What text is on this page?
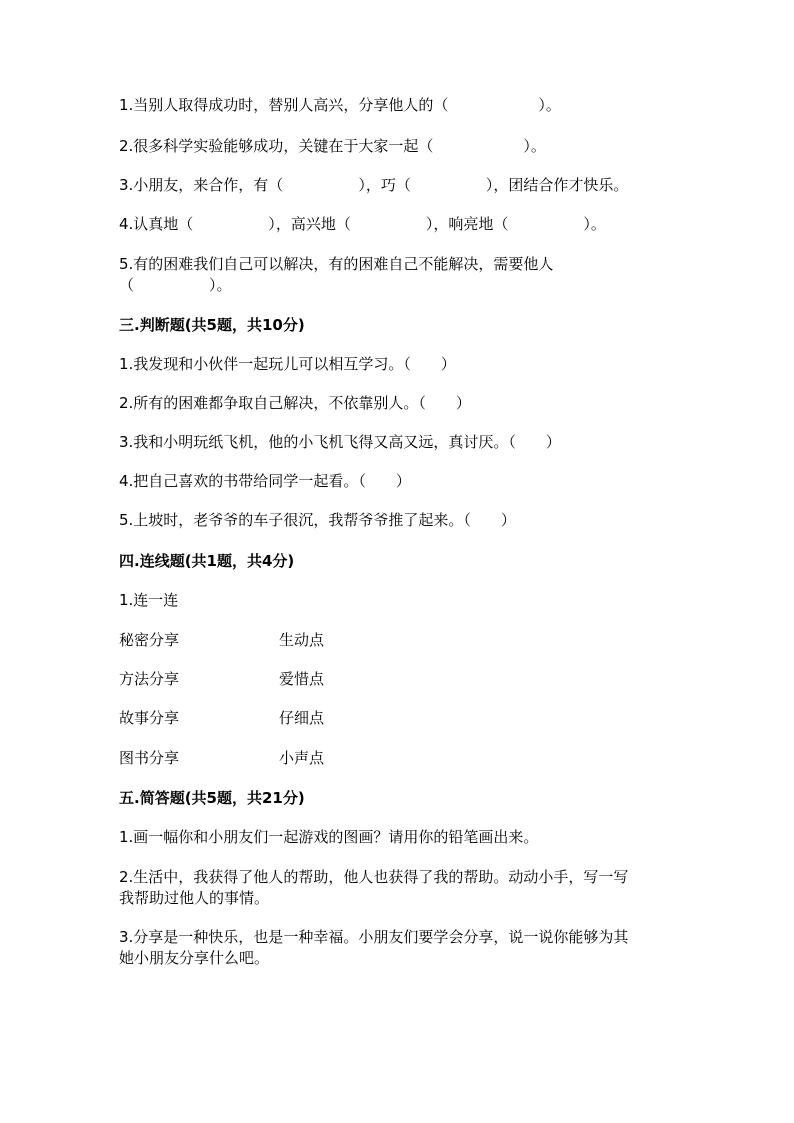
1.当别人取得成功时，替别人高兴，分享他人的（　　　　　　）。
2.很多科学实验能够成功，关键在于大家一起（　　　　　　）。
3.小朋友，来合作，有（　　　　　），巧（　　　　　），团结合作才快乐。
4.认真地（　　　　　），高兴地（　　　　　），响亮地（　　　　　）。
5.有的困难我们自己可以解决，有的困难自己不能解决，需要他人
（　　　　　）。
三.判断题(共5题，共10分)
1.我发现和小伙伴一起玩儿可以相互学习。（　　）
2.所有的困难都争取自己解决，不依靠别人。（　　）
3.我和小明玩纸飞机，他的小飞机飞得又高又远，真讨厌。（　　）
4.把自己喜欢的书带给同学一起看。（　　）
5.上坡时，老爷爷的车子很沉，我帮爷爷推了起来。（　　）
四.连线题(共1题，共4分)
1.连一连
秘密分享	生动点
方法分享	爱惜点
故事分享	仔细点
图书分享	小声点
五.简答题(共5题，共21分)
1.画一幅你和小朋友们一起游戏的图画？请用你的铅笔画出来。
2.生活中，我获得了他人的帮助，他人也获得了我的帮助。动动小手，写一写
我帮助过他人的事情。
3.分享是一种快乐，也是一种幸福。小朋友们要学会分享，说一说你能够为其
她小朋友分享什么吧。
